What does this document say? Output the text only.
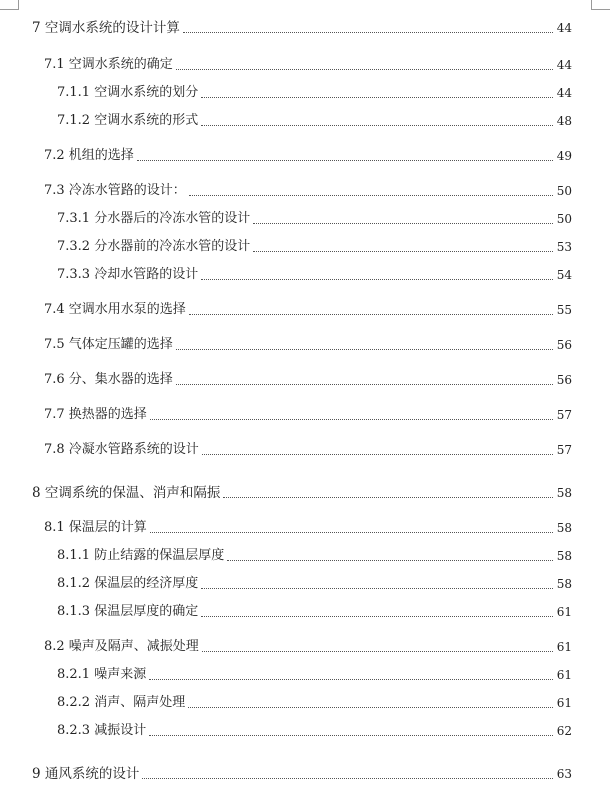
7 空调水系统的设计计算	44
7.1 空调水系统的确定	44
7.1.1 空调水系统的划分	44
7.1.2 空调水系统的形式	48
7.2 机组的选择	49
7.3 冷冻水管路的设计：	50
7.3.1 分水器后的冷冻水管的设计	50
7.3.2 分水器前的冷冻水管的设计	53
7.3.3 冷却水管路的设计	54
7.4 空调水用水泵的选择	55
7.5 气体定压罐的选择	56
7.6 分、集水器的选择	56
7.7 换热器的选择	57
7.8 冷凝水管路系统的设计	57
8 空调系统的保温、消声和隔振	58
8.1 保温层的计算	58
8.1.1 防止结露的保温层厚度	58
8.1.2 保温层的经济厚度	58
8.1.3 保温层厚度的确定	61
8.2 噪声及隔声、减振处理	61
8.2.1 噪声来源	61
8.2.2 消声、隔声处理	61
8.2.3 减振设计	62
9 通风系统的设计	63
